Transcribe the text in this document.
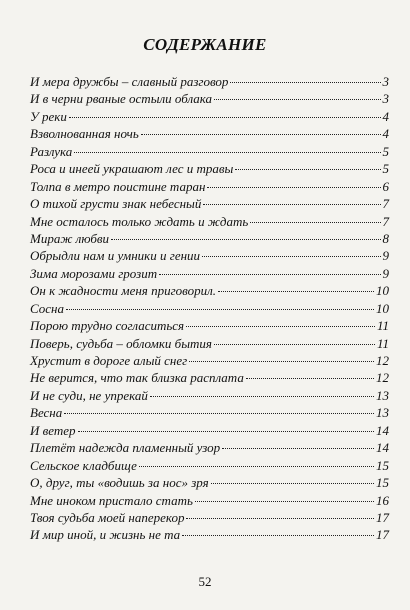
СОДЕРЖАНИЕ
И мера дружбы – славный разговор	3
И в черни рваные остыли облака	3
У реки	4
Взволнованная ночь	4
Разлука	5
Роса и инеей украшают лес и травы	5
Толпа в метро поистине таран	6
О тихой грусти знак небесный	7
Мне осталось только ждать и ждать	7
Мираж любви	8
Обрыдли нам и умники и гении	9
Зима морозами грозит	9
Он к жадности меня приговорил.	10
Сосна	10
Порою трудно согласиться	11
Поверь, судьба – обломки бытия	11
Хрустит в дороге алый снег	12
Не верится, что так близка расплата	12
И не суди, не упрекай	13
Весна	13
И ветер	14
Плетёт надежда пламенный узор	14
Сельское кладбище	15
О, друг, ты «водишь за нос» зря	15
Мне иноком пристало стать	16
Твоя судьба моей наперекор	17
И мир иной, и жизнь не та	17
52
